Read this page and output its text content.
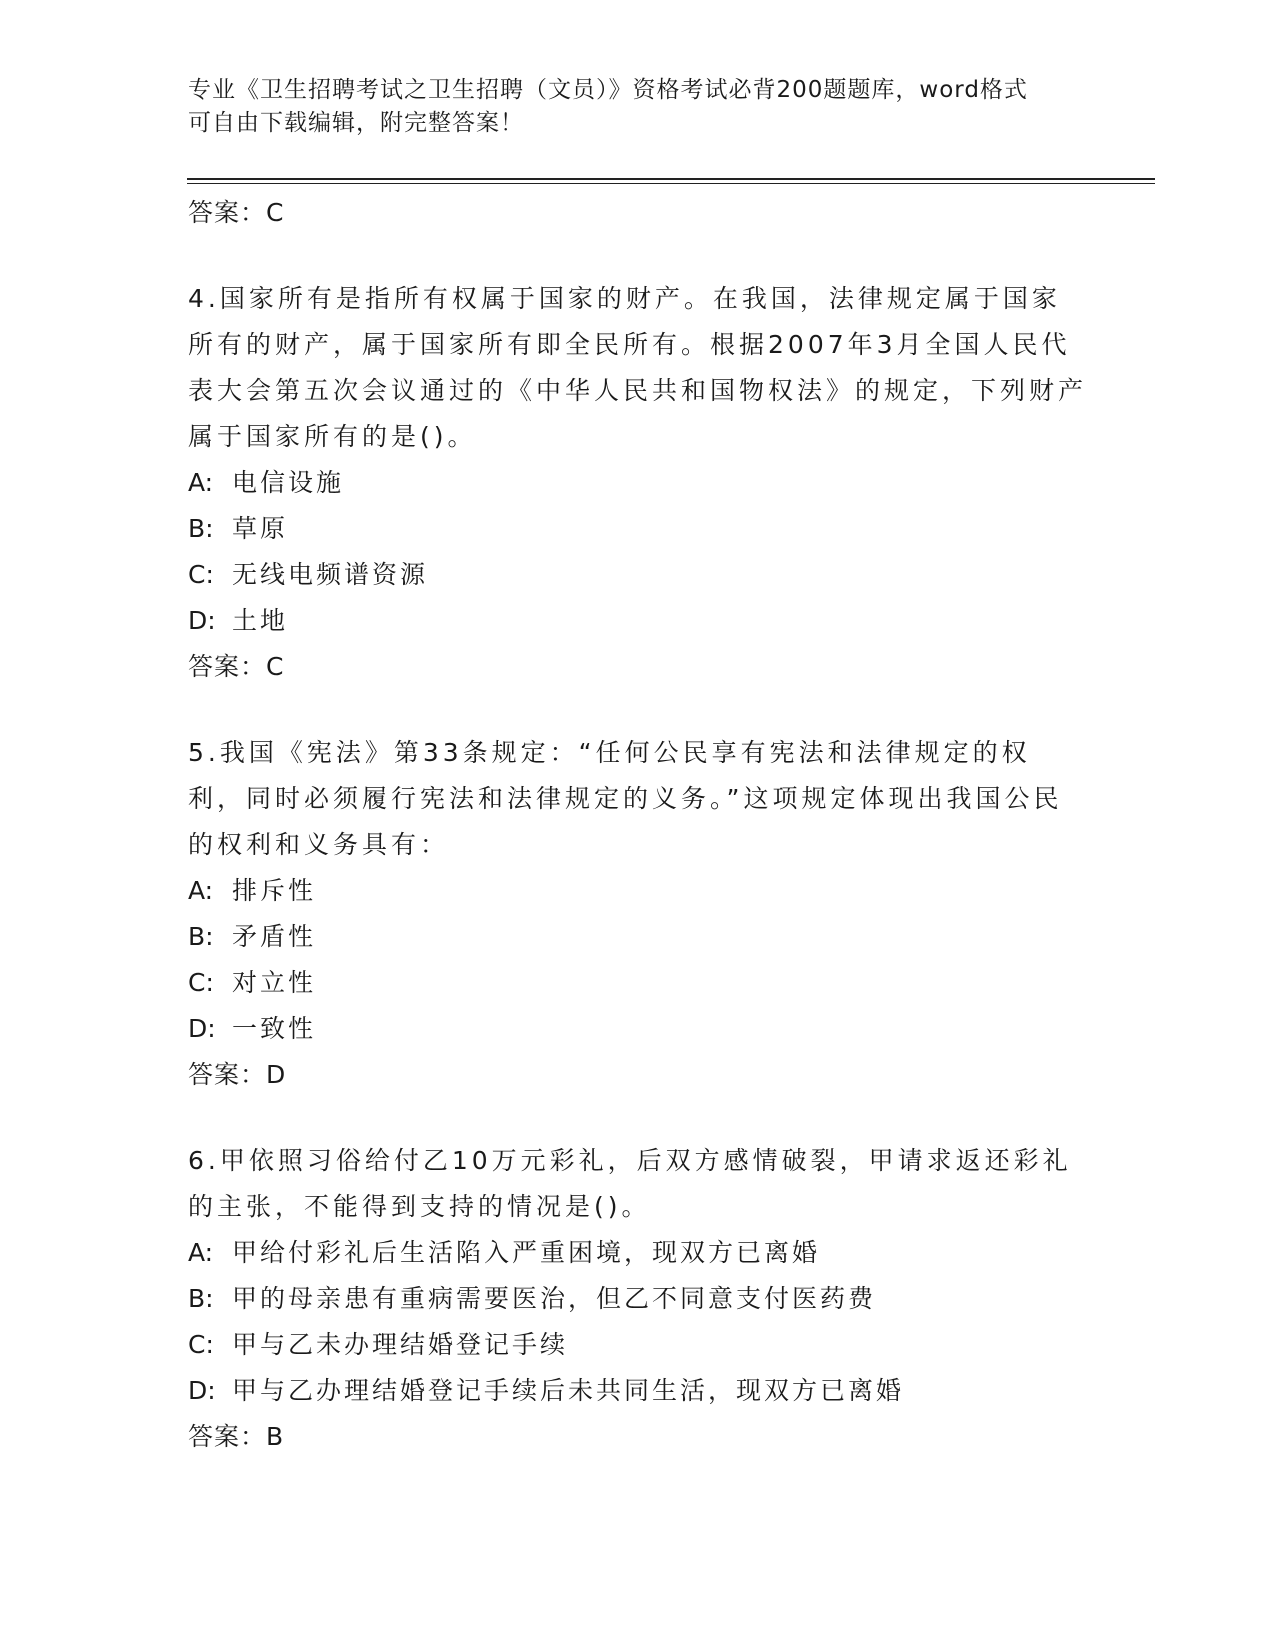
专业《卫生招聘考试之卫生招聘（文员）》资格考试必背200题题库，word格式
可自由下载编辑，附完整答案！
答案：C
4.国家所有是指所有权属于国家的财产。在我国，法律规定属于国家所有的财产，属于国家所有即全民所有。根据2007年3月全国人民代表大会第五次会议通过的《中华人民共和国物权法》的规定，下列财产属于国家所有的是()。
A: 电信设施
B: 草原
C: 无线电频谱资源
D: 土地
答案：C
5.我国《宪法》第33条规定：“任何公民享有宪法和法律规定的权利，同时必须履行宪法和法律规定的义务。”这项规定体现出我国公民的权利和义务具有：
A: 排斥性
B: 矛盾性
C: 对立性
D: 一致性
答案：D
6.甲依照习俗给付乙10万元彩礼，后双方感情破裂，甲请求返还彩礼的主张，不能得到支持的情况是()。
A: 甲给付彩礼后生活陷入严重困境，现双方已离婚
B: 甲的母亲患有重病需要医治，但乙不同意支付医药费
C: 甲与乙未办理结婚登记手续
D: 甲与乙办理结婚登记手续后未共同生活，现双方已离婚
答案：B
